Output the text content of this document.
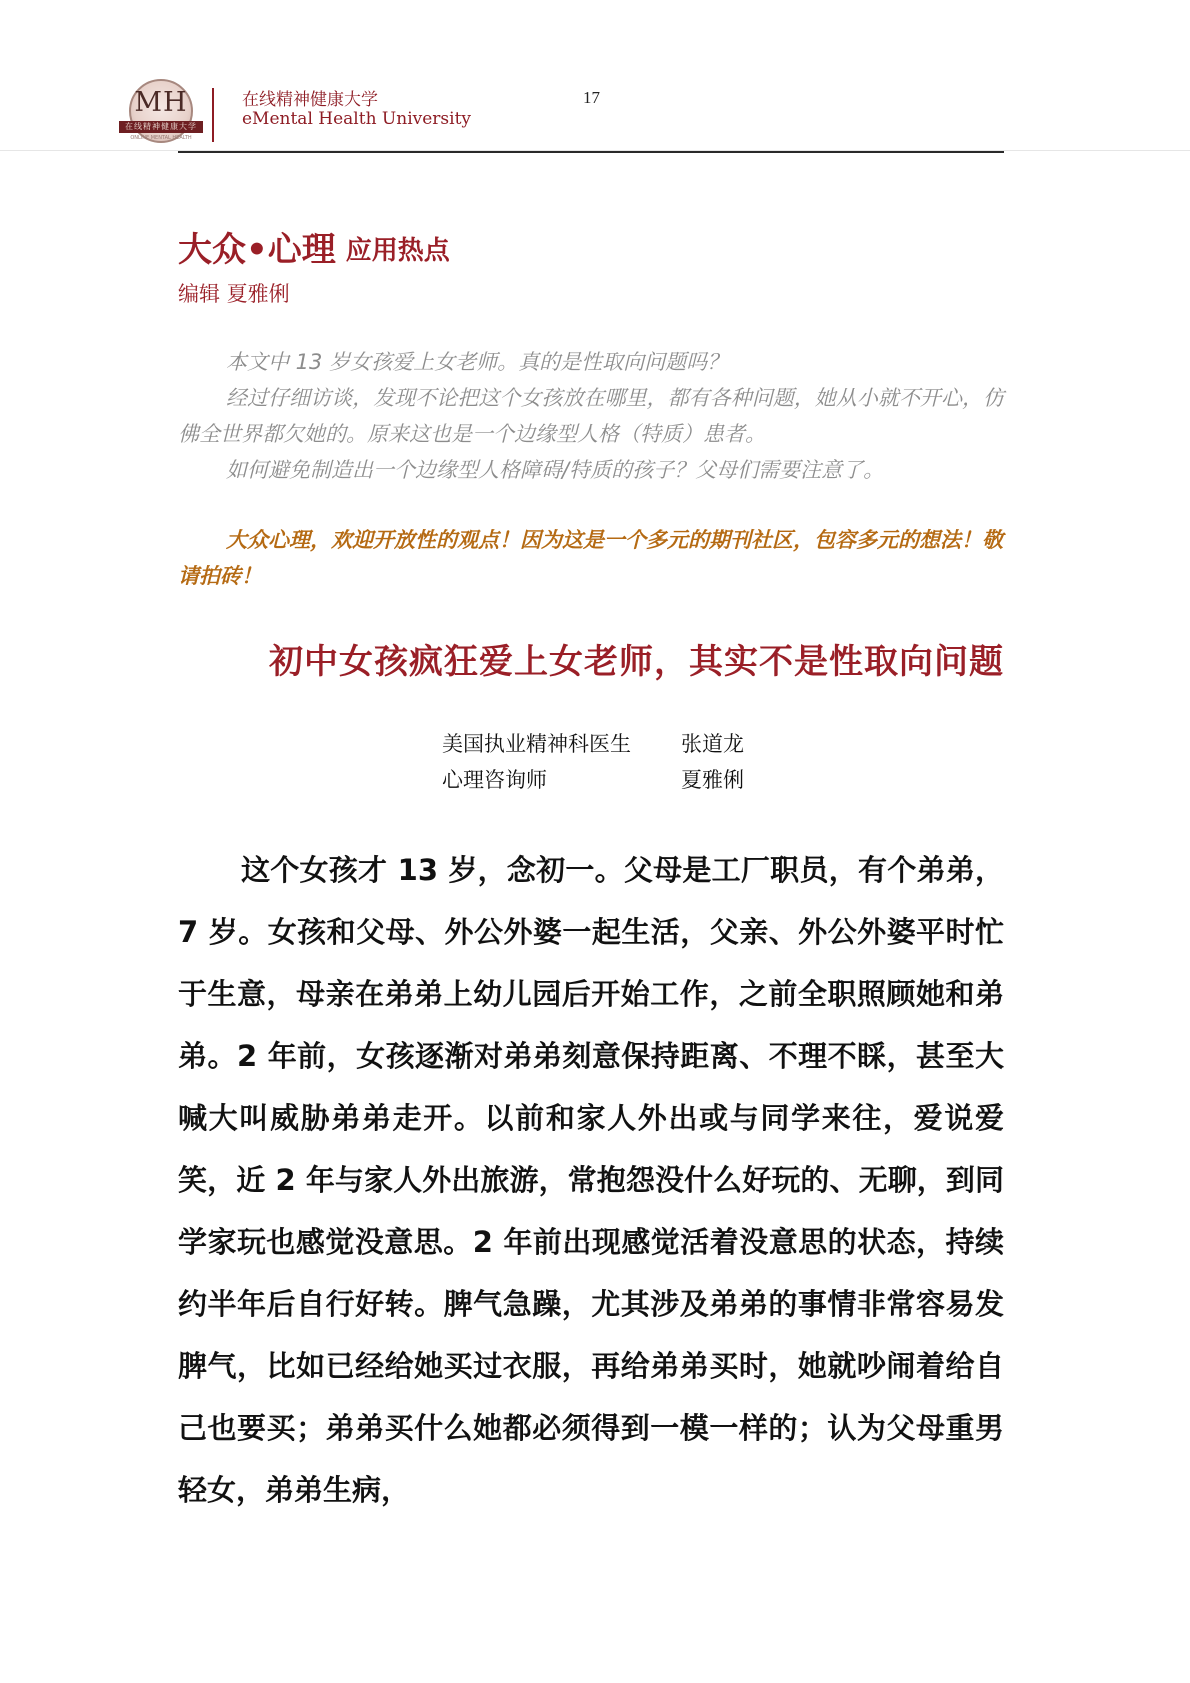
MH
在线精神健康大学
ONLINE MENTAL HEALTH
在线精神健康大学
eMental Health University
17
大众•心理 应用热点
编辑 夏雅俐

本文中 13 岁女孩爱上女老师。真的是性取向问题吗？

经过仔细访谈，发现不论把这个女孩放在哪里，都有各种问题，她从小就不开心，仿佛全世界都欠她的。原来这也是一个边缘型人格（特质）患者。

如何避免制造出一个边缘型人格障碍/特质的孩子？父母们需要注意了。

大众心理，欢迎开放性的观点！因为这是一个多元的期刊社区，包容多元的想法！敬请拍砖！
初中女孩疯狂爱上女老师，其实不是性取向问题
美国执业精神科医生 张道龙
心理咨询师	夏雅俐
这个女孩才 13 岁，念初一。父母是工厂职员，有个弟弟，7 岁。女孩和父母、外公外婆一起生活，父亲、外公外婆平时忙于生意，母亲在弟弟上幼儿园后开始工作，之前全职照顾她和弟弟。2 年前，女孩逐渐对弟弟刻意保持距离、不理不睬，甚至大喊大叫威胁弟弟走开。以前和家人外出或与同学来往，爱说爱笑，近 2 年与家人外出旅游，常抱怨没什么好玩的、无聊，到同学家玩也感觉没意思。2 年前出现感觉活着没意思的状态，持续约半年后自行好转。脾气急躁，尤其涉及弟弟的事情非常容易发脾气，比如已经给她买过衣服，再给弟弟买时，她就吵闹着给自己也要买；弟弟买什么她都必须得到一模一样的；认为父母重男轻女，弟弟生病，
